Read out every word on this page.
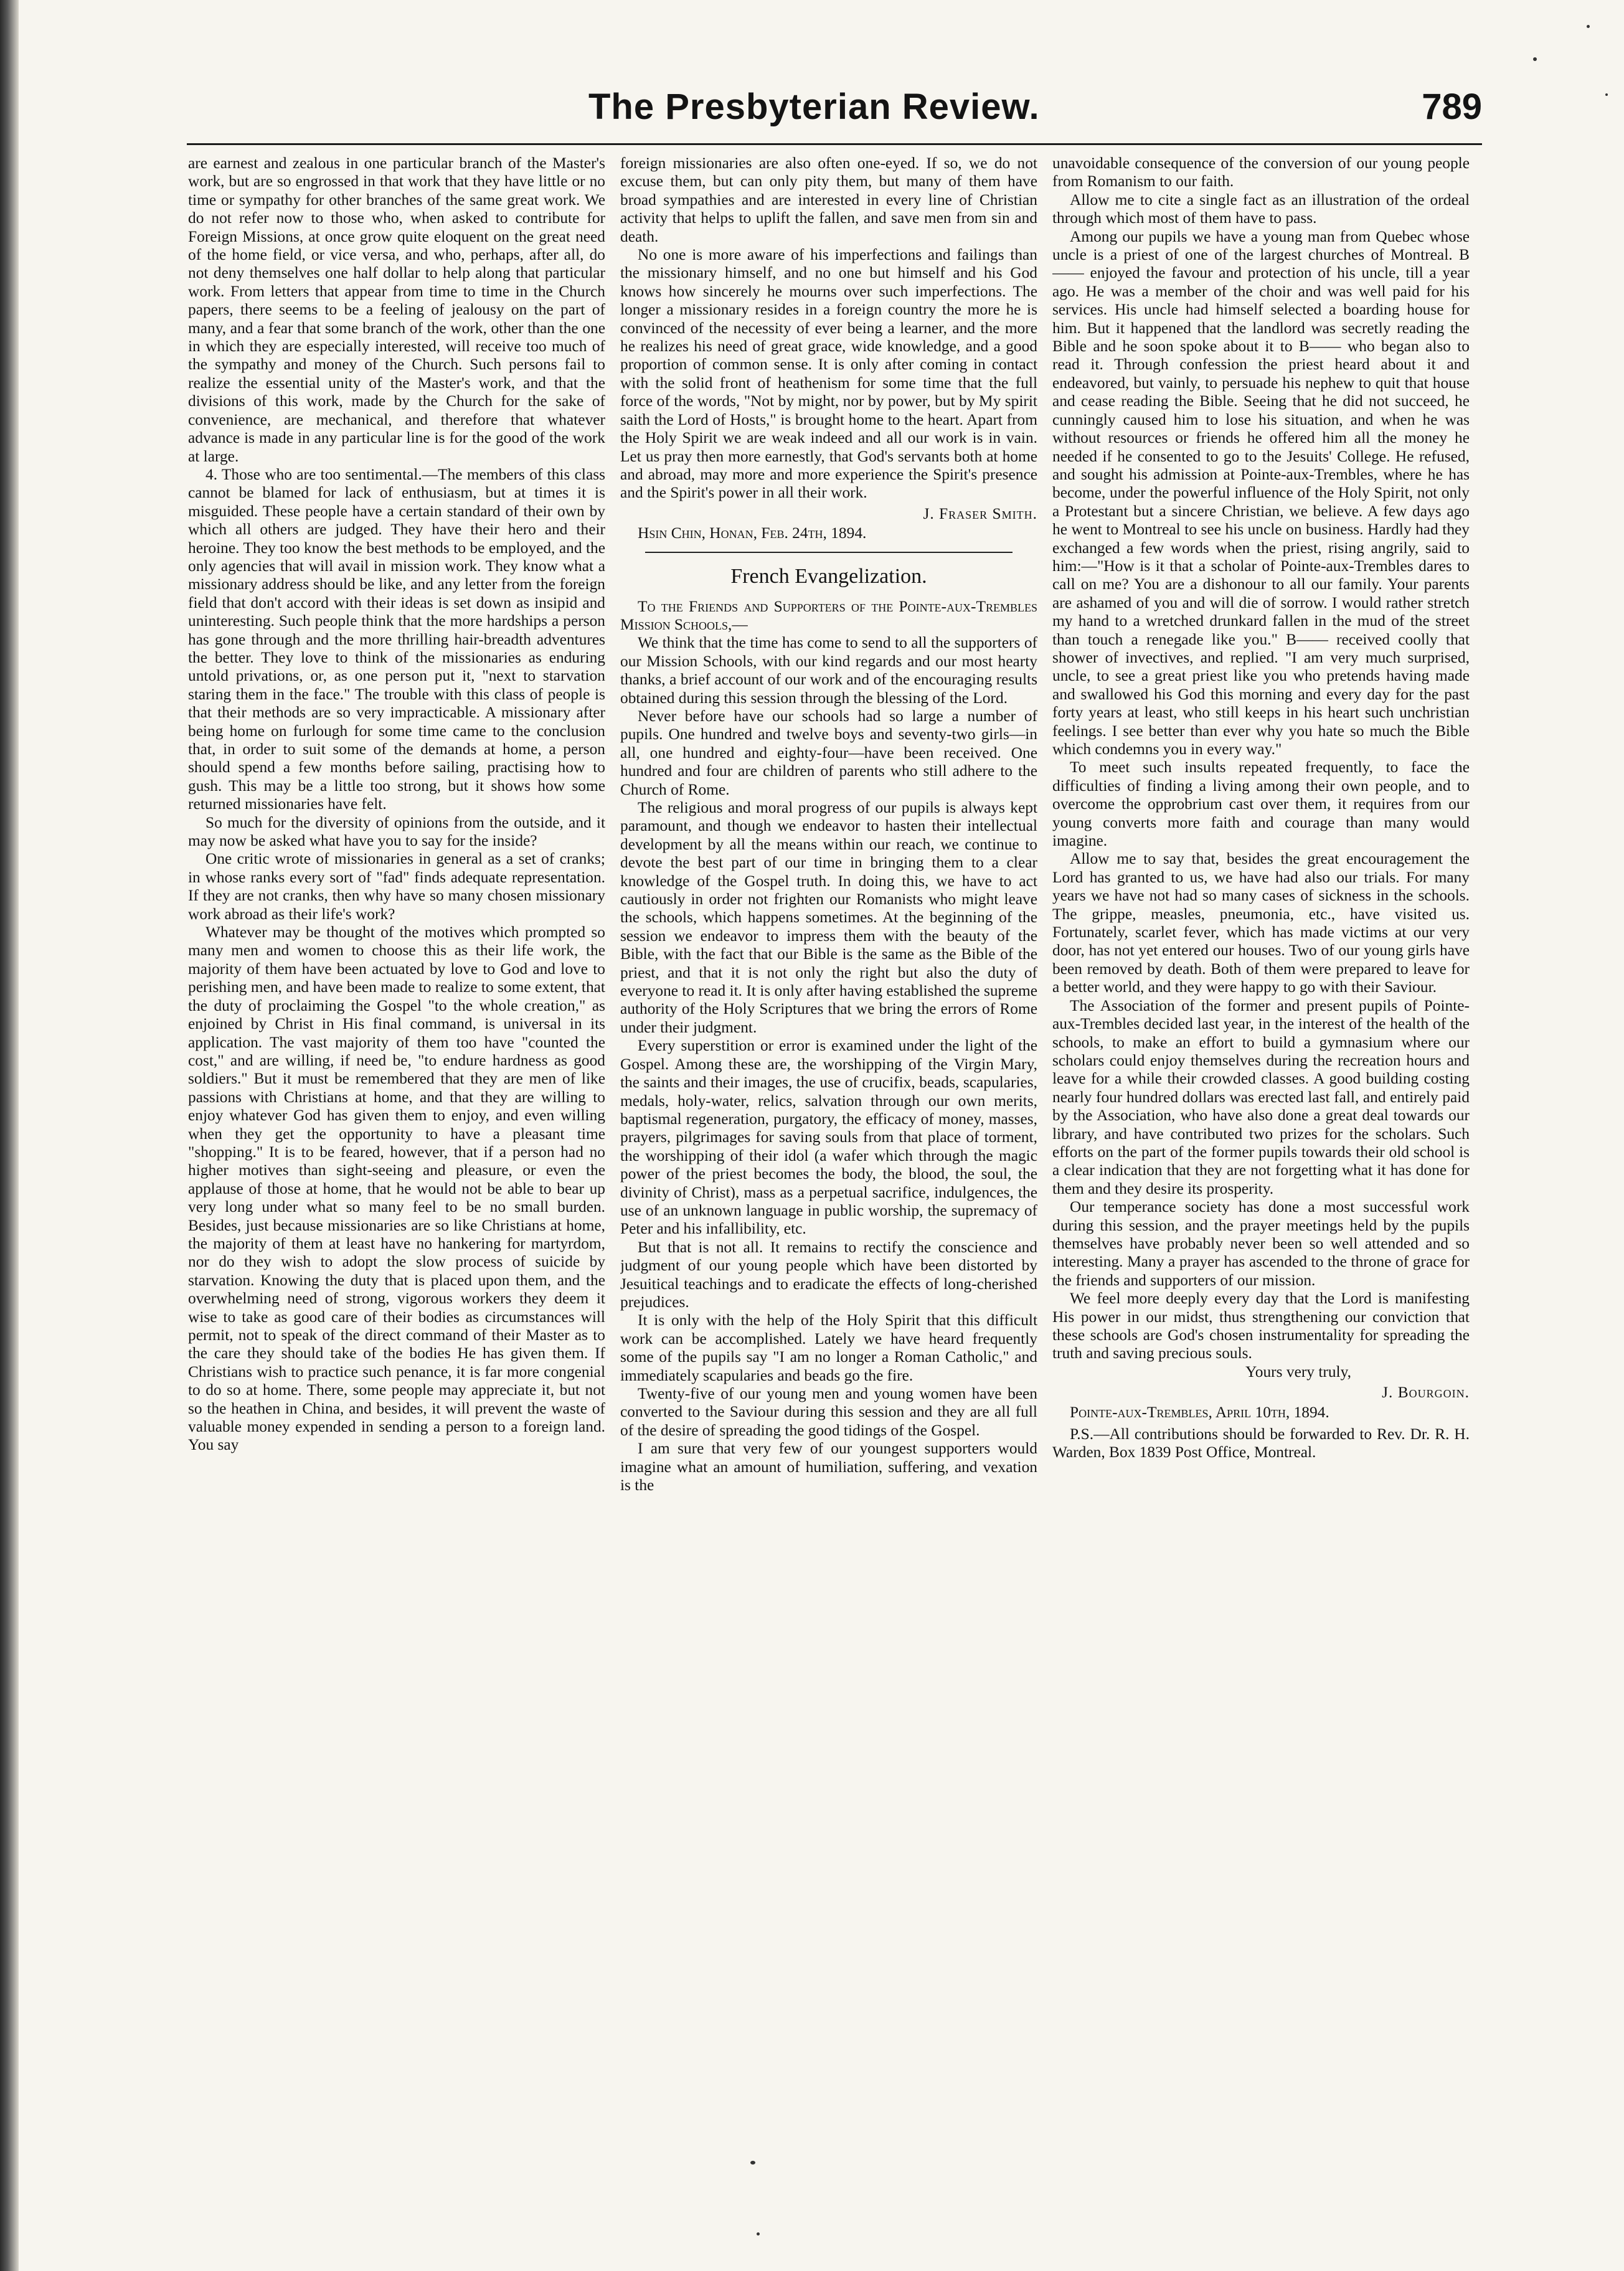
The Presbyterian Review.	789

are earnest and zealous in one particular branch of the Master's work, but are so engrossed in that work that they have little or no time or sympathy for other branches of the same great work. We do not refer now to those who, when asked to contribute for Foreign Missions, at once grow quite eloquent on the great need of the home field, or vice versa, and who, perhaps, after all, do not deny themselves one half dollar to help along that particular work. From letters that appear from time to time in the Church papers, there seems to be a feeling of jealousy on the part of many, and a fear that some branch of the work, other than the one in which they are especially interested, will receive too much of the sympathy and money of the Church. Such persons fail to realize the essential unity of the Master's work, and that the divisions of this work, made by the Church for the sake of convenience, are mechanical, and therefore that whatever advance is made in any particular line is for the good of the work at large.

4. Those who are too sentimental.—The members of this class cannot be blamed for lack of enthusiasm, but at times it is misguided. These people have a certain standard of their own by which all others are judged. They have their hero and their heroine. They too know the best methods to be employed, and the only agencies that will avail in mission work. They know what a missionary address should be like, and any letter from the foreign field that don't accord with their ideas is set down as insipid and uninteresting. Such people think that the more hardships a person has gone through and the more thrilling hair-breadth adventures the better. They love to think of the missionaries as enduring untold privations, or, as one person put it, "next to starvation staring them in the face." The trouble with this class of people is that their methods are so very impracticable. A missionary after being home on furlough for some time came to the conclusion that, in order to suit some of the demands at home, a person should spend a few months before sailing, practising how to gush. This may be a little too strong, but it shows how some returned missionaries have felt.

So much for the diversity of opinions from the outside, and it may now be asked what have you to say for the inside?

One critic wrote of missionaries in general as a set of cranks; in whose ranks every sort of "fad" finds adequate representation. If they are not cranks, then why have so many chosen missionary work abroad as their life's work?

Whatever may be thought of the motives which prompted so many men and women to choose this as their life work, the majority of them have been actuated by love to God and love to perishing men, and have been made to realize to some extent, that the duty of proclaiming the Gospel "to the whole creation," as enjoined by Christ in His final command, is universal in its application. The vast majority of them too have "counted the cost," and are willing, if need be, "to endure hardness as good soldiers." But it must be remembered that they are men of like passions with Christians at home, and that they are willing to enjoy whatever God has given them to enjoy, and even willing when they get the opportunity to have a pleasant time "shopping." It is to be feared, however, that if a person had no higher motives than sight-seeing and pleasure, or even the applause of those at home, that he would not be able to bear up very long under what so many feel to be no small burden. Besides, just because missionaries are so like Christians at home, the majority of them at least have no hankering for martyrdom, nor do they wish to adopt the slow process of suicide by starvation. Knowing the duty that is placed upon them, and the overwhelming need of strong, vigorous workers they deem it wise to take as good care of their bodies as circumstances will permit, not to speak of the direct command of their Master as to the care they should take of the bodies He has given them. If Christians wish to practice such penance, it is far more congenial to do so at home. There, some people may appreciate it, but not so the heathen in China, and besides, it will prevent the waste of valuable money expended in sending a person to a foreign land. You say

foreign missionaries are also often one-eyed. If so, we do not excuse them, but can only pity them, but many of them have broad sympathies and are interested in every line of Christian activity that helps to uplift the fallen, and save men from sin and death.

No one is more aware of his imperfections and failings than the missionary himself, and no one but himself and his God knows how sincerely he mourns over such imperfections. The longer a missionary resides in a foreign country the more he is convinced of the necessity of ever being a learner, and the more he realizes his need of great grace, wide knowledge, and a good proportion of common sense. It is only after coming in contact with the solid front of heathenism for some time that the full force of the words, "Not by might, nor by power, but by My spirit saith the Lord of Hosts," is brought home to the heart. Apart from the Holy Spirit we are weak indeed and all our work is in vain. Let us pray then more earnestly, that God's servants both at home and abroad, may more and more experience the Spirit's presence and the Spirit's power in all their work.

J. Fraser Smith.

Hsin Chin, Honan, Feb. 24th, 1894.

French Evangelization.

To the Friends and Supporters of the Pointe-aux-Trembles Mission Schools,—

We think that the time has come to send to all the supporters of our Mission Schools, with our kind regards and our most hearty thanks, a brief account of our work and of the encouraging results obtained during this session through the blessing of the Lord.

Never before have our schools had so large a number of pupils. One hundred and twelve boys and seventy-two girls—in all, one hundred and eighty-four—have been received. One hundred and four are children of parents who still adhere to the Church of Rome.

The religious and moral progress of our pupils is always kept paramount, and though we endeavor to hasten their intellectual development by all the means within our reach, we continue to devote the best part of our time in bringing them to a clear knowledge of the Gospel truth. In doing this, we have to act cautiously in order not frighten our Romanists who might leave the schools, which happens sometimes. At the beginning of the session we endeavor to impress them with the beauty of the Bible, with the fact that our Bible is the same as the Bible of the priest, and that it is not only the right but also the duty of everyone to read it. It is only after having established the supreme authority of the Holy Scriptures that we bring the errors of Rome under their judgment.

Every superstition or error is examined under the light of the Gospel. Among these are, the worshipping of the Virgin Mary, the saints and their images, the use of crucifix, beads, scapularies, medals, holy-water, relics, salvation through our own merits, baptismal regeneration, purgatory, the efficacy of money, masses, prayers, pilgrimages for saving souls from that place of torment, the worshipping of their idol (a wafer which through the magic power of the priest becomes the body, the blood, the soul, the divinity of Christ), mass as a perpetual sacrifice, indulgences, the use of an unknown language in public worship, the supremacy of Peter and his infallibility, etc.

But that is not all. It remains to rectify the conscience and judgment of our young people which have been distorted by Jesuitical teachings and to eradicate the effects of long-cherished prejudices.

It is only with the help of the Holy Spirit that this difficult work can be accomplished. Lately we have heard frequently some of the pupils say "I am no longer a Roman Catholic," and immediately scapularies and beads go the fire.

Twenty-five of our young men and young women have been converted to the Saviour during this session and they are all full of the desire of spreading the good tidings of the Gospel.

I am sure that very few of our youngest supporters would imagine what an amount of humiliation, suffering, and vexation is the

unavoidable consequence of the conversion of our young people from Romanism to our faith.

Allow me to cite a single fact as an illustration of the ordeal through which most of them have to pass.

Among our pupils we have a young man from Quebec whose uncle is a priest of one of the largest churches of Montreal. B—— enjoyed the favour and protection of his uncle, till a year ago. He was a member of the choir and was well paid for his services. His uncle had himself selected a boarding house for him. But it happened that the landlord was secretly reading the Bible and he soon spoke about it to B—— who began also to read it. Through confession the priest heard about it and endeavored, but vainly, to persuade his nephew to quit that house and cease reading the Bible. Seeing that he did not succeed, he cunningly caused him to lose his situation, and when he was without resources or friends he offered him all the money he needed if he consented to go to the Jesuits' College. He refused, and sought his admission at Pointe-aux-Trembles, where he has become, under the powerful influence of the Holy Spirit, not only a Protestant but a sincere Christian, we believe. A few days ago he went to Montreal to see his uncle on business. Hardly had they exchanged a few words when the priest, rising angrily, said to him:—"How is it that a scholar of Pointe-aux-Trembles dares to call on me? You are a dishonour to all our family. Your parents are ashamed of you and will die of sorrow. I would rather stretch my hand to a wretched drunkard fallen in the mud of the street than touch a renegade like you." B—— received coolly that shower of invectives, and replied. "I am very much surprised, uncle, to see a great priest like you who pretends having made and swallowed his God this morning and every day for the past forty years at least, who still keeps in his heart such unchristian feelings. I see better than ever why you hate so much the Bible which condemns you in every way."

To meet such insults repeated frequently, to face the difficulties of finding a living among their own people, and to overcome the opprobrium cast over them, it requires from our young converts more faith and courage than many would imagine.

Allow me to say that, besides the great encouragement the Lord has granted to us, we have had also our trials. For many years we have not had so many cases of sickness in the schools. The grippe, measles, pneumonia, etc., have visited us. Fortunately, scarlet fever, which has made victims at our very door, has not yet entered our houses. Two of our young girls have been removed by death. Both of them were prepared to leave for a better world, and they were happy to go with their Saviour.

The Association of the former and present pupils of Pointe-aux-Trembles decided last year, in the interest of the health of the schools, to make an effort to build a gymnasium where our scholars could enjoy themselves during the recreation hours and leave for a while their crowded classes. A good building costing nearly four hundred dollars was erected last fall, and entirely paid by the Association, who have also done a great deal towards our library, and have contributed two prizes for the scholars. Such efforts on the part of the former pupils towards their old school is a clear indication that they are not forgetting what it has done for them and they desire its prosperity.

Our temperance society has done a most successful work during this session, and the prayer meetings held by the pupils themselves have probably never been so well attended and so interesting. Many a prayer has ascended to the throne of grace for the friends and supporters of our mission.

We feel more deeply every day that the Lord is manifesting His power in our midst, thus strengthening our conviction that these schools are God's chosen instrumentality for spreading the truth and saving precious souls.

Yours very truly,

J. Bourgoin.

Pointe-aux-Trembles, April 10th, 1894.

P.S.—All contributions should be forwarded to Rev. Dr. R. H. Warden, Box 1839 Post Office, Montreal.
